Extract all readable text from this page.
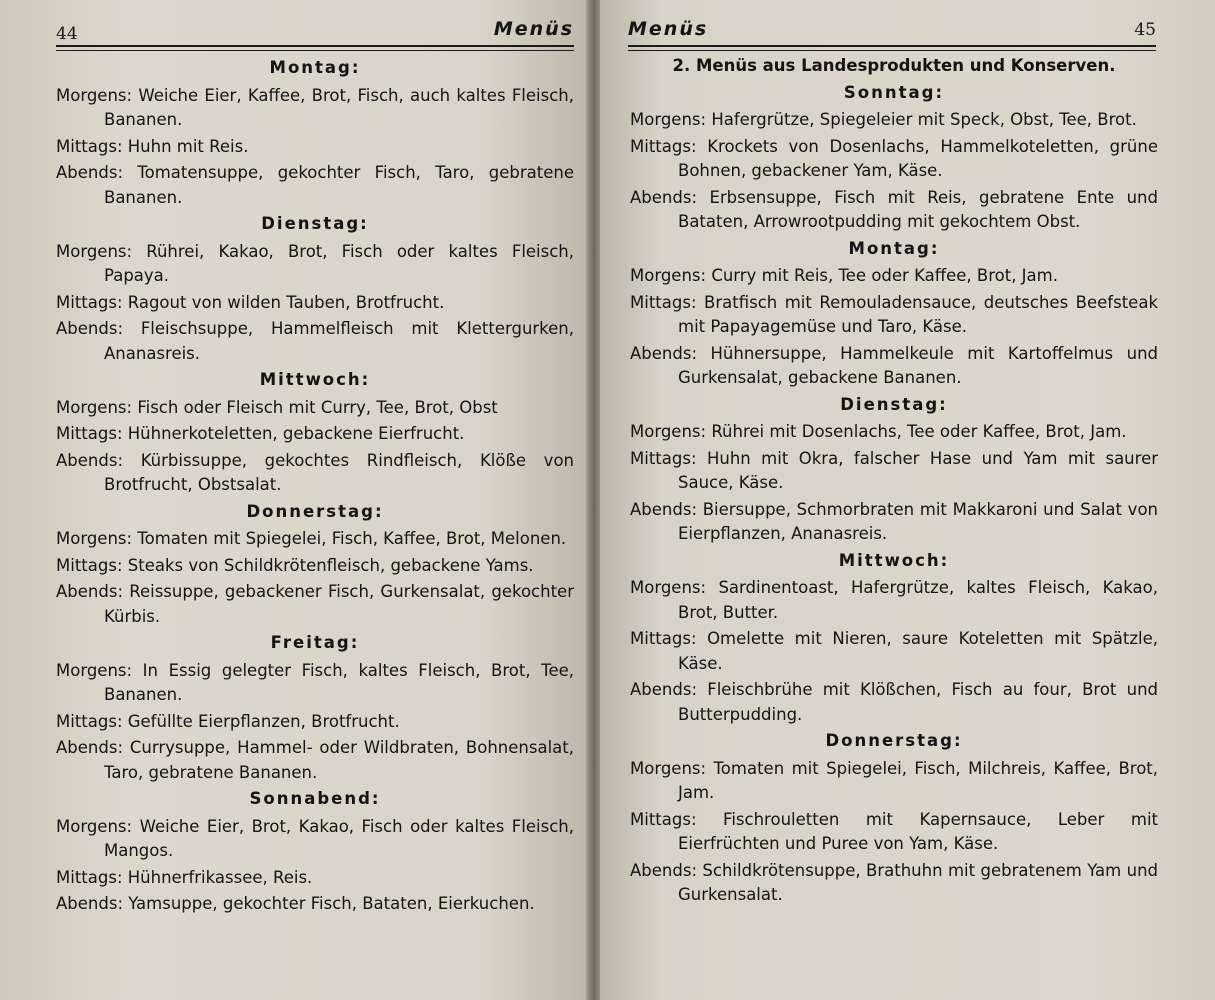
44	Menüs
Montag:
Morgens: Weiche Eier, Kaffee, Brot, Fisch, auch kaltes Fleisch, Bananen.
Mittags: Huhn mit Reis.
Abends: Tomatensuppe, gekochter Fisch, Taro, gebratene Bananen.
Dienstag:
Morgens: Rührei, Kakao, Brot, Fisch oder kaltes Fleisch, Papaya.
Mittags: Ragout von wilden Tauben, Brotfrucht.
Abends: Fleischsuppe, Hammelfleisch mit Klettergurken, Ananasreis.
Mittwoch:
Morgens: Fisch oder Fleisch mit Curry, Tee, Brot, Obst
Mittags: Hühnerkoteletten, gebackene Eierfrucht.
Abends: Kürbissuppe, gekochtes Rindfleisch, Klöße von Brotfrucht, Obstsalat.
Donnerstag:
Morgens: Tomaten mit Spiegelei, Fisch, Kaffee, Brot, Melonen.
Mittags: Steaks von Schildkrötenfleisch, gebackene Yams.
Abends: Reissuppe, gebackener Fisch, Gurkensalat, gekochter Kürbis.
Freitag:
Morgens: In Essig gelegter Fisch, kaltes Fleisch, Brot, Tee, Bananen.
Mittags: Gefüllte Eierpflanzen, Brotfrucht.
Abends: Currysuppe, Hammel- oder Wildbraten, Bohnensalat, Taro, gebratene Bananen.
Sonnabend:
Morgens: Weiche Eier, Brot, Kakao, Fisch oder kaltes Fleisch, Mangos.
Mittags: Hühnerfrikassee, Reis.
Abends: Yamsuppe, gekochter Fisch, Bataten, Eierkuchen.
Menüs	45
2. Menüs aus Landesprodukten und Konserven.
Sonntag:
Morgens: Hafergrütze, Spiegeleier mit Speck, Obst, Tee, Brot.
Mittags: Krockets von Dosenlachs, Hammelkoteletten, grüne Bohnen, gebackener Yam, Käse.
Abends: Erbsensuppe, Fisch mit Reis, gebratene Ente und Bataten, Arrowrootpudding mit gekochtem Obst.
Montag:
Morgens: Curry mit Reis, Tee oder Kaffee, Brot, Jam.
Mittags: Bratfisch mit Remouladensauce, deutsches Beefsteak mit Papayagemüse und Taro, Käse.
Abends: Hühnersuppe, Hammelkeule mit Kartoffelmus und Gurkensalat, gebackene Bananen.
Dienstag:
Morgens: Rührei mit Dosenlachs, Tee oder Kaffee, Brot, Jam.
Mittags: Huhn mit Okra, falscher Hase und Yam mit saurer Sauce, Käse.
Abends: Biersuppe, Schmorbraten mit Makkaroni und Salat von Eierpflanzen, Ananasreis.
Mittwoch:
Morgens: Sardinentoast, Hafergrütze, kaltes Fleisch, Kakao, Brot, Butter.
Mittags: Omelette mit Nieren, saure Koteletten mit Spätzle, Käse.
Abends: Fleischbrühe mit Klößchen, Fisch au four, Brot und Butterpudding.
Donnerstag:
Morgens: Tomaten mit Spiegelei, Fisch, Milchreis, Kaffee, Brot, Jam.
Mittags: Fischrouletten mit Kapernsauce, Leber mit Eierfrüchten und Puree von Yam, Käse.
Abends: Schildkrötensuppe, Brathuhn mit gebratenem Yam und Gurkensalat.
